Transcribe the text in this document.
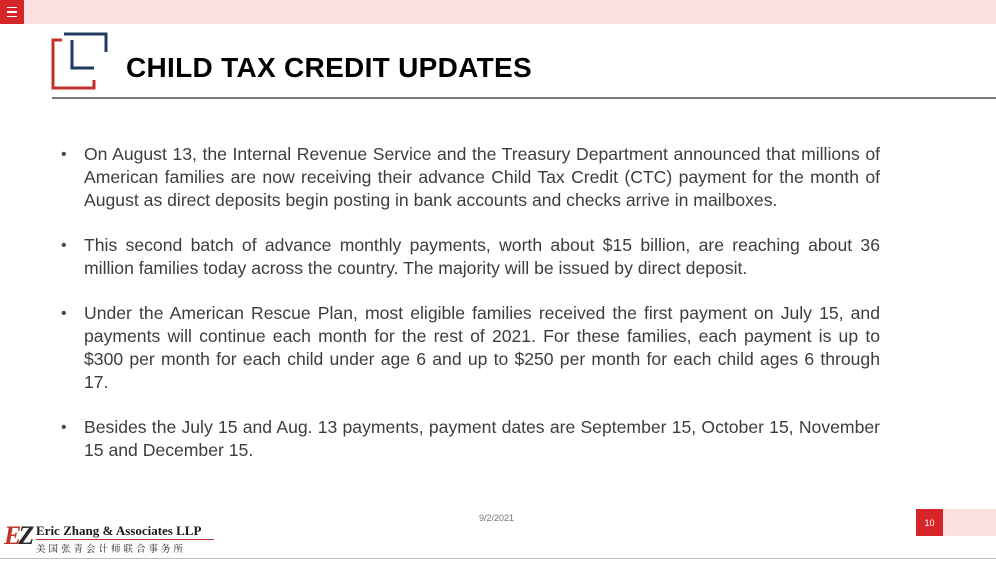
CHILD TAX CREDIT UPDATES
• On August 13, the Internal Revenue Service and the Treasury Department announced that millions of American families are now receiving their advance Child Tax Credit (CTC) payment for the month of August as direct deposits begin posting in bank accounts and checks arrive in mailboxes.
• This second batch of advance monthly payments, worth about $15 billion, are reaching about 36 million families today across the country. The majority will be issued by direct deposit.
• Under the American Rescue Plan, most eligible families received the first payment on July 15, and payments will continue each month for the rest of 2021. For these families, each payment is up to $300 per month for each child under age 6 and up to $250 per month for each child ages 6 through 17.
• Besides the July 15 and Aug. 13 payments, payment dates are September 15, October 15, November 15 and December 15.
9/2/2021	10
EZ Eric Zhang & Associates LLP
美国张青会计师联合事务所
